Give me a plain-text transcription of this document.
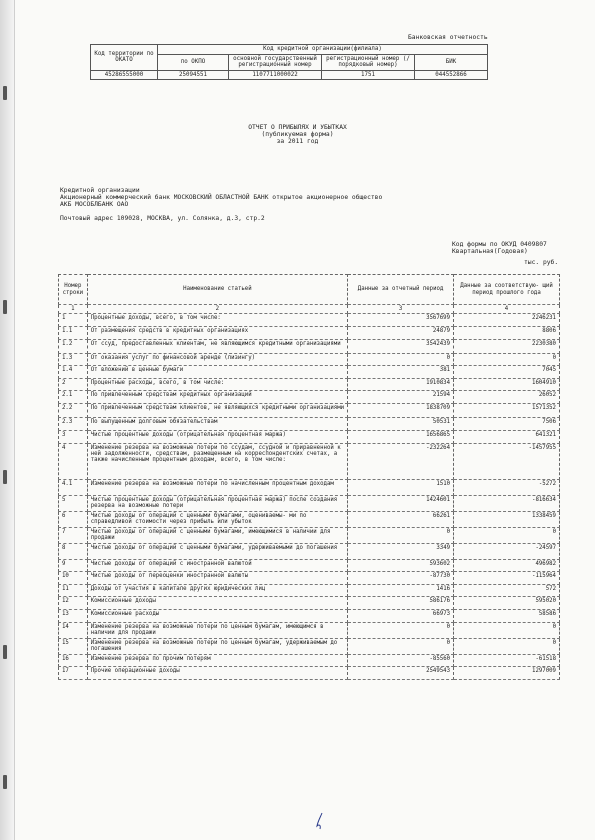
Банковская отчетность
Код территории по ОКАТО	Код кредитной организации(филиала)			
	по ОКПО	основной государственный регистрационный номер	регистрационный номер (/порядковый номер)	БИК
45286555000	25094551	1107711000022	1751	044552866
ОТЧЕТ О ПРИБЫЛЯХ И УБЫТКАХ
(публикуемая форма)
за 2011 год
Кредитной организации
Акционерный коммерческий банк МОСКОВСКИЙ ОБЛАСТНОЙ БАНК открытое акционерное общество
АКБ МОСОБЛБАНК ОАО
Почтовый адрес 109028, МОСКВА, ул. Солянка, д.3, стр.2
Код формы по ОКУД 0409807
Квартальная(Годовая)
тыс. руб.
Номер строки	Наименование статьей	Данные за отчетный период	Данные за соответствую- щий период прошлого года
1	2	3	4
1	Процентные доходы, всего, в том числе:	3567699	2246231
1.1	От размещения средств в кредитных организациях	24879	8806
1.2	От ссуд, предоставленных клиентам, не являющимся кредитными организациями	3542439	2230380
1.3	От оказания услуг по финансовой аренде (лизингу)	0	0
1.4	От вложений в ценные бумаги	381	7045
2	Процентные расходы, всего, в том числе:	1910834	1604910
2.1	По привлеченным средствам кредитных организаций	21594	26052
2.2	По привлеченным средствам клиентов, не являющихся кредитными организациями	1838709	1571352
2.3	По выпущенным долговым обязательствам	50531	7506
3	Чистые процентные доходы (отрицательная процентная маржа)	1656865	641321
4	Изменение резерва на возможные потери по ссудам, ссудной и приравненной к ней задолженности, средствам, размещенным на корреспондентских счетах, а также начисленным процентным доходам, всего, в том числе:	-232264	-1457955
4.1	Изменение резерва на возможные потери по начисленным процентным доходам	1510	-5272
5	Чистые процентные доходы (отрицательная процентная маржа) после создания резерва на возможные потери	1424601	-816634
6	Чистые доходы от операций с ценными бумагами, оцениваемы- ми по справедливой стоимости через прибыль или убыток	66261	1338459
7	Чистые доходы от операций с ценными бумагами, имеющимися в наличии для продажи	0	0
8	Чистые доходы от операций с ценными бумагами, удерживаемыми до погашения	3349	-24597
9	Чистые доходы от операций с иностранной валютой	593602	496982
10	Чистые доходы от переоценки иностранной валюты	-87730	-115964
11	Доходы от участия в капитале других юридических лиц	1416	572
12	Комиссионные доходы	586176	595020
13	Комиссионные расходы	66973	58586
14	Изменение резерва на возможные потери по ценным бумагам, имеющимся в наличии для продажи	0	0
15	Изменение резерва на возможные потери по ценным бумагам, удерживаемым до погашения	0	0
16	Изменение резерва по прочим потерям	-85560	-61518
17	Прочие операционные доходы	2549543	1297009
